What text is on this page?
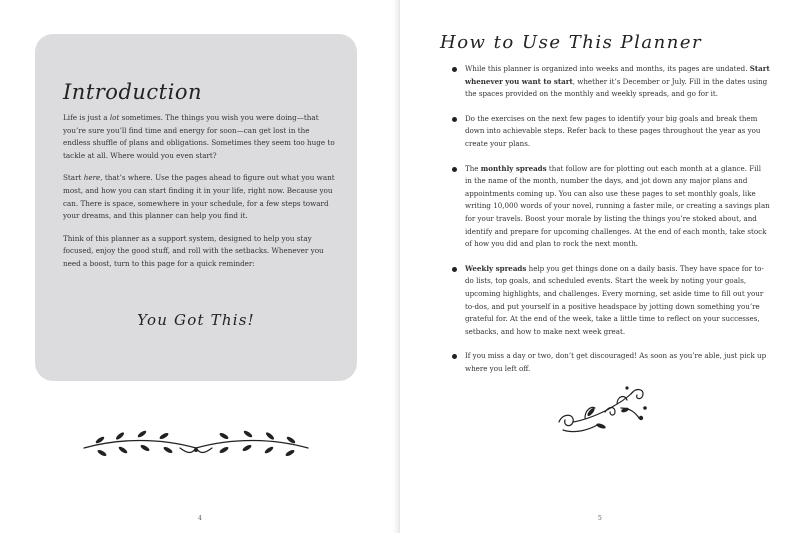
Introduction

Life is just a lot sometimes. The things you wish you were doing—that you’re sure you’ll find time and energy for soon—can get lost in the endless shuffle of plans and obligations. Sometimes they seem too huge to tackle at all. Where would you even start?

Start here, that’s where. Use the pages ahead to figure out what you want most, and how you can start finding it in your life, right now. Because you can. There is space, somewhere in your schedule, for a few steps toward your dreams, and this planner can help you find it.

Think of this planner as a support system, designed to help you stay focused, enjoy the good stuff, and roll with the setbacks. Whenever you need a boost, turn to this page for a quick reminder:

You Got This!
4
How to Use This Planner
While this planner is organized into weeks and months, its pages are undated. Start whenever you want to start, whether it’s December or July. Fill in the dates using the spaces provided on the monthly and weekly spreads, and go for it.
Do the exercises on the next few pages to identify your big goals and break them down into achievable steps. Refer back to these pages throughout the year as you create your plans.
The monthly spreads that follow are for plotting out each month at a glance. Fill in the name of the month, number the days, and jot down any major plans and appointments coming up. You can also use these pages to set monthly goals, like writing 10,000 words of your novel, running a faster mile, or creating a savings plan for your travels. Boost your morale by listing the things you’re stoked about, and identify and prepare for upcoming challenges. At the end of each month, take stock of how you did and plan to rock the next month.
Weekly spreads help you get things done on a daily basis. They have space for to-do lists, top goals, and scheduled events. Start the week by noting your goals, upcoming highlights, and challenges. Every morning, set aside time to fill out your to-dos, and put yourself in a positive headspace by jotting down something you’re grateful for. At the end of the week, take a little time to reflect on your successes, setbacks, and how to make next week great.
If you miss a day or two, don’t get discouraged! As soon as you’re able, just pick up where you left off.
5
